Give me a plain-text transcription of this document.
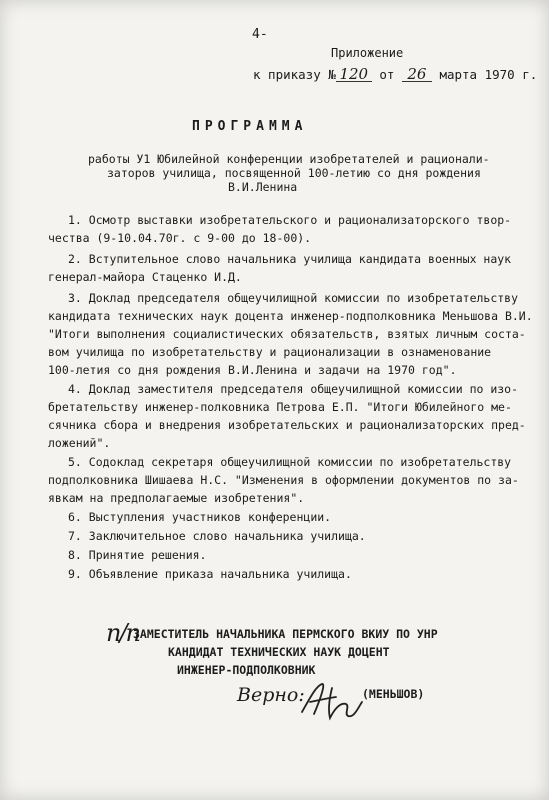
4-
Приложение
к приказу № 120 от 26 марта 1970 г.
ПРОГРАММА
работы У1 Юбилейной конференции изобретателей и рационали-
заторов училища, посвященной 100-летию со дня рождения
В.И.Ленина
1. Осмотр выставки изобретательского и рационализаторского твор-
чества (9-10.04.70г. с 9-00 до 18-00).
2. Вступительное слово начальника училища кандидата военных наук
генерал-майора Стаценко И.Д.
3. Доклад председателя общеучилищной комиссии по изобретательству
кандидата технических наук доцента инженер-подполковника Меньшова В.И.
"Итоги выполнения социалистических обязательств, взятых личным соста-
вом училища по изобретательству и рационализации в ознаменование
100-летия со дня рождения В.И.Ленина и задачи на 1970 год".
4. Доклад заместителя председателя общеучилищной комиссии по изо-
бретательству инженер-полковника Петрова Е.П. "Итоги Юбилейного ме-
сячника сбора и внедрения изобретательских и рационализаторских пред-
ложений".
5. Содоклад секретаря общеучилищной комиссии по изобретательству
подполковника Шишаева Н.С. "Изменения в оформлении документов по за-
явкам на предполагаемые изобретения".
6. Выступления участников конференции.
7. Заключительное слово начальника училища.
8. Принятие решения.
9. Объявление приказа начальника училища.
п/п
ЗАМЕСТИТЕЛЬ НАЧАЛЬНИКА ПЕРМСКОГО ВКИУ ПО УНР
КАНДИДАТ ТЕХНИЧЕСКИХ НАУК ДОЦЕНТ
ИНЖЕНЕР-ПОДПОЛКОВНИК
Верно:	(МЕНЬШОВ)
